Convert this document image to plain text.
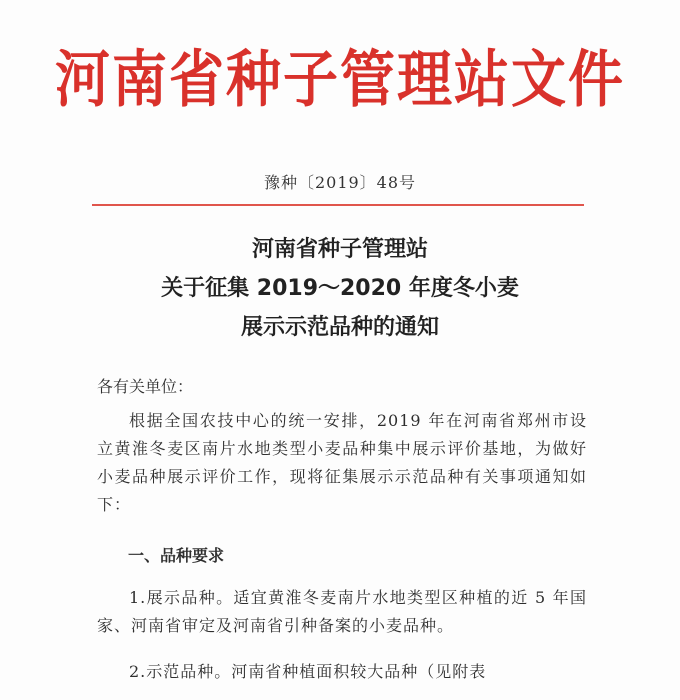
河南省种子管理站文件
豫种〔2019〕48号
河南省种子管理站
关于征集 2019～2020 年度冬小麦
展示示范品种的通知
各有关单位：
根据全国农技中心的统一安排，2019 年在河南省郑州市设立黄淮冬麦区南片水地类型小麦品种集中展示评价基地，为做好小麦品种展示评价工作，现将征集展示示范品种有关事项通知如下：
一、品种要求
1.展示品种。适宜黄淮冬麦南片水地类型区种植的近 5 年国家、河南省审定及河南省引种备案的小麦品种。
2.示范品种。河南省种植面积较大品种（见附表
